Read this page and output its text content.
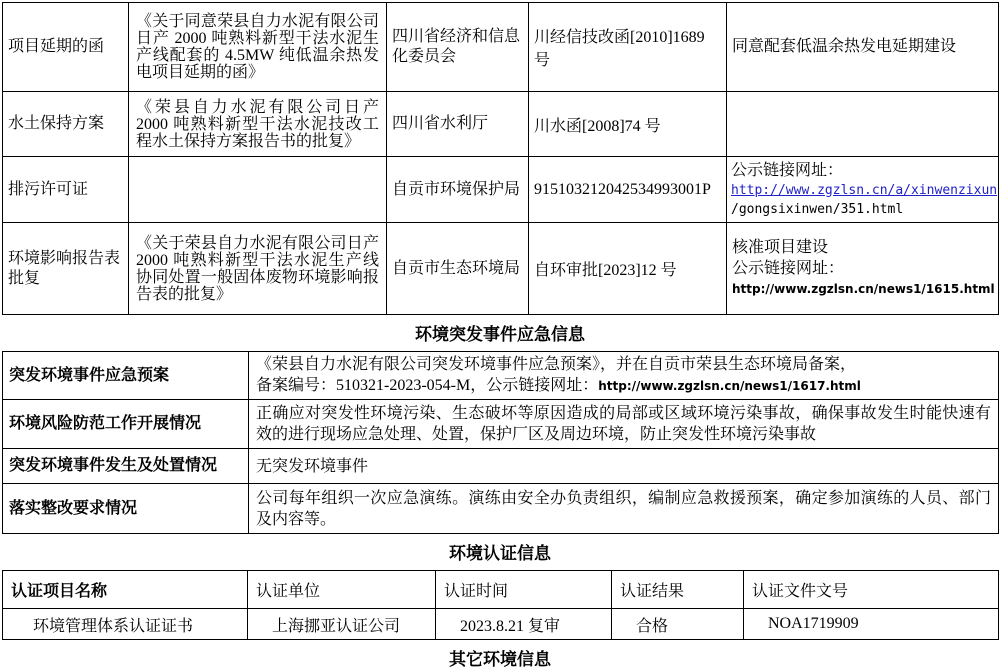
项目延期的函	《关于同意荣县自力水泥有限公司日产 2000 吨熟料新型干法水泥生产线配套的 4.5MW 纯低温余热发电项目延期的函》	四川省经济和信息化委员会	川经信技改函[2010]1689 号	同意配套低温余热发电延期建设
水土保持方案	《荣县自力水泥有限公司日产 2000 吨熟料新型干法水泥技改工程水土保持方案报告书的批复》	四川省水利厅	川水函[2008]74 号	
排污许可证		自贡市环境保护局	915103212042534993001P	公示链接网址：
http://www.zgzlsn.cn/a/xinwenzixun
/gongsixinwen/351.html

环境影响报告表批复	《关于荣县自力水泥有限公司日产 2000 吨熟料新型干法水泥生产线协同处置一般固体废物环境影响报告表的批复》	自贡市生态环境局	自环审批[2023]12 号	核准项目建设
公示链接网址：
http://www.zgzlsn.cn/news1/1615.html
环境突发事件应急信息
突发环境事件应急预案	《荣县自力水泥有限公司突发环境事件应急预案》，并在自贡市荣县生态环境局备案，
备案编号：510321-2023-054-M，公示链接网址：http://www.zgzlsn.cn/news1/1617.html

环境风险防范工作开展情况	正确应对突发性环境污染、生态破坏等原因造成的局部或区域环境污染事故，确保事故发生时能快速有效的进行现场应急处理、处置，保护厂区及周边环境，防止突发性环境污染事故
突发环境事件发生及处置情况	无突发环境事件
落实整改要求情况	公司每年组织一次应急演练。演练由安全办负责组织，编制应急救援预案，确定参加演练的人员、部门及内容等。
环境认证信息
认证项目名称	认证单位	认证时间	认证结果	认证文件文号
环境管理体系认证证书	上海挪亚认证公司	2023.8.21 复审	合格	NOA1719909
其它环境信息
